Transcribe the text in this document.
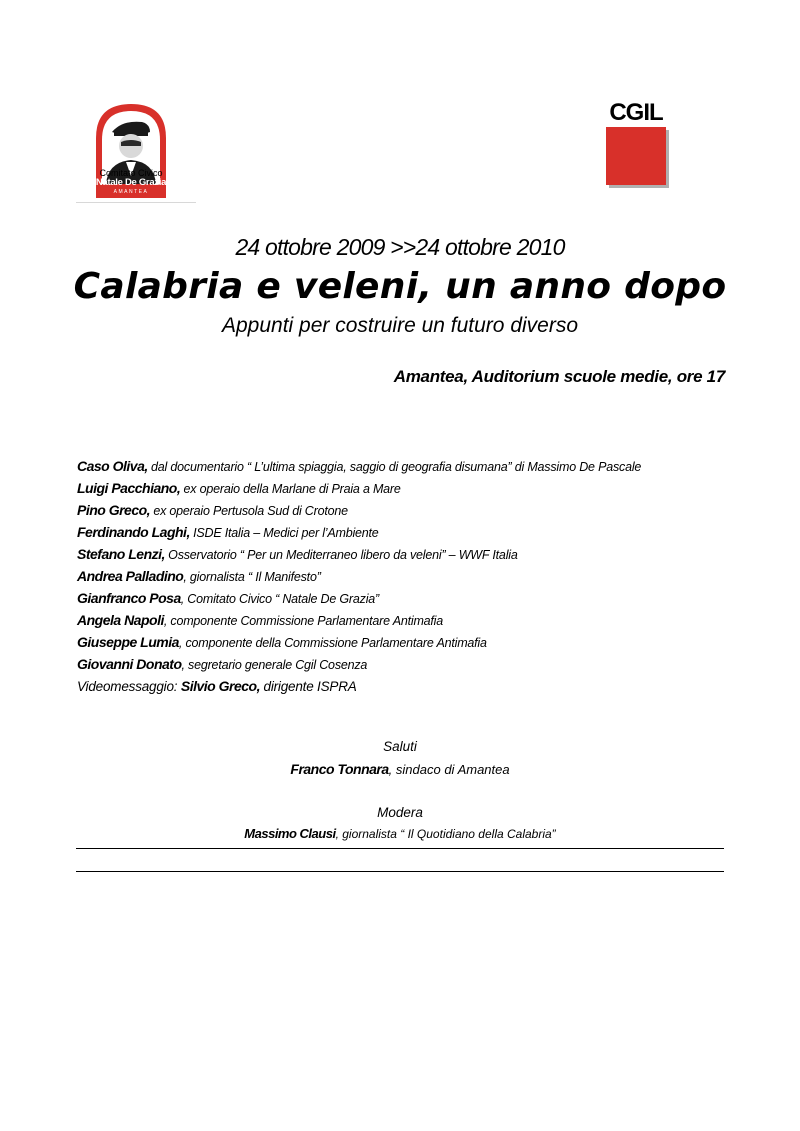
Comitato Civico
Natale De Grazia
AMANTEA
CGIL
24 ottobre 2009 >>24 ottobre 2010
Calabria e veleni, un anno dopo
Appunti per costruire un futuro diverso
Amantea, Auditorium scuole medie, ore 17
Caso Oliva, dal documentario “ L’ultima spiaggia, saggio di geografia disumana” di Massimo De Pascale
Luigi Pacchiano, ex operaio della Marlane di Praia a Mare
Pino Greco, ex operaio Pertusola Sud di Crotone
Ferdinando Laghi, ISDE Italia – Medici per l’Ambiente
Stefano Lenzi, Osservatorio “ Per un Mediterraneo libero da veleni” – WWF Italia
Andrea Palladino, giornalista “ Il Manifesto”
Gianfranco Posa, Comitato Civico “ Natale De Grazia”
Angela Napoli, componente Commissione Parlamentare Antimafia
Giuseppe Lumia, componente della Commissione Parlamentare Antimafia
Giovanni Donato, segretario generale Cgil Cosenza
Videomessaggio: Silvio Greco, dirigente ISPRA
Saluti
Franco Tonnara, sindaco di Amantea
Modera
Massimo Clausi, giornalista “ Il Quotidiano della Calabria”
